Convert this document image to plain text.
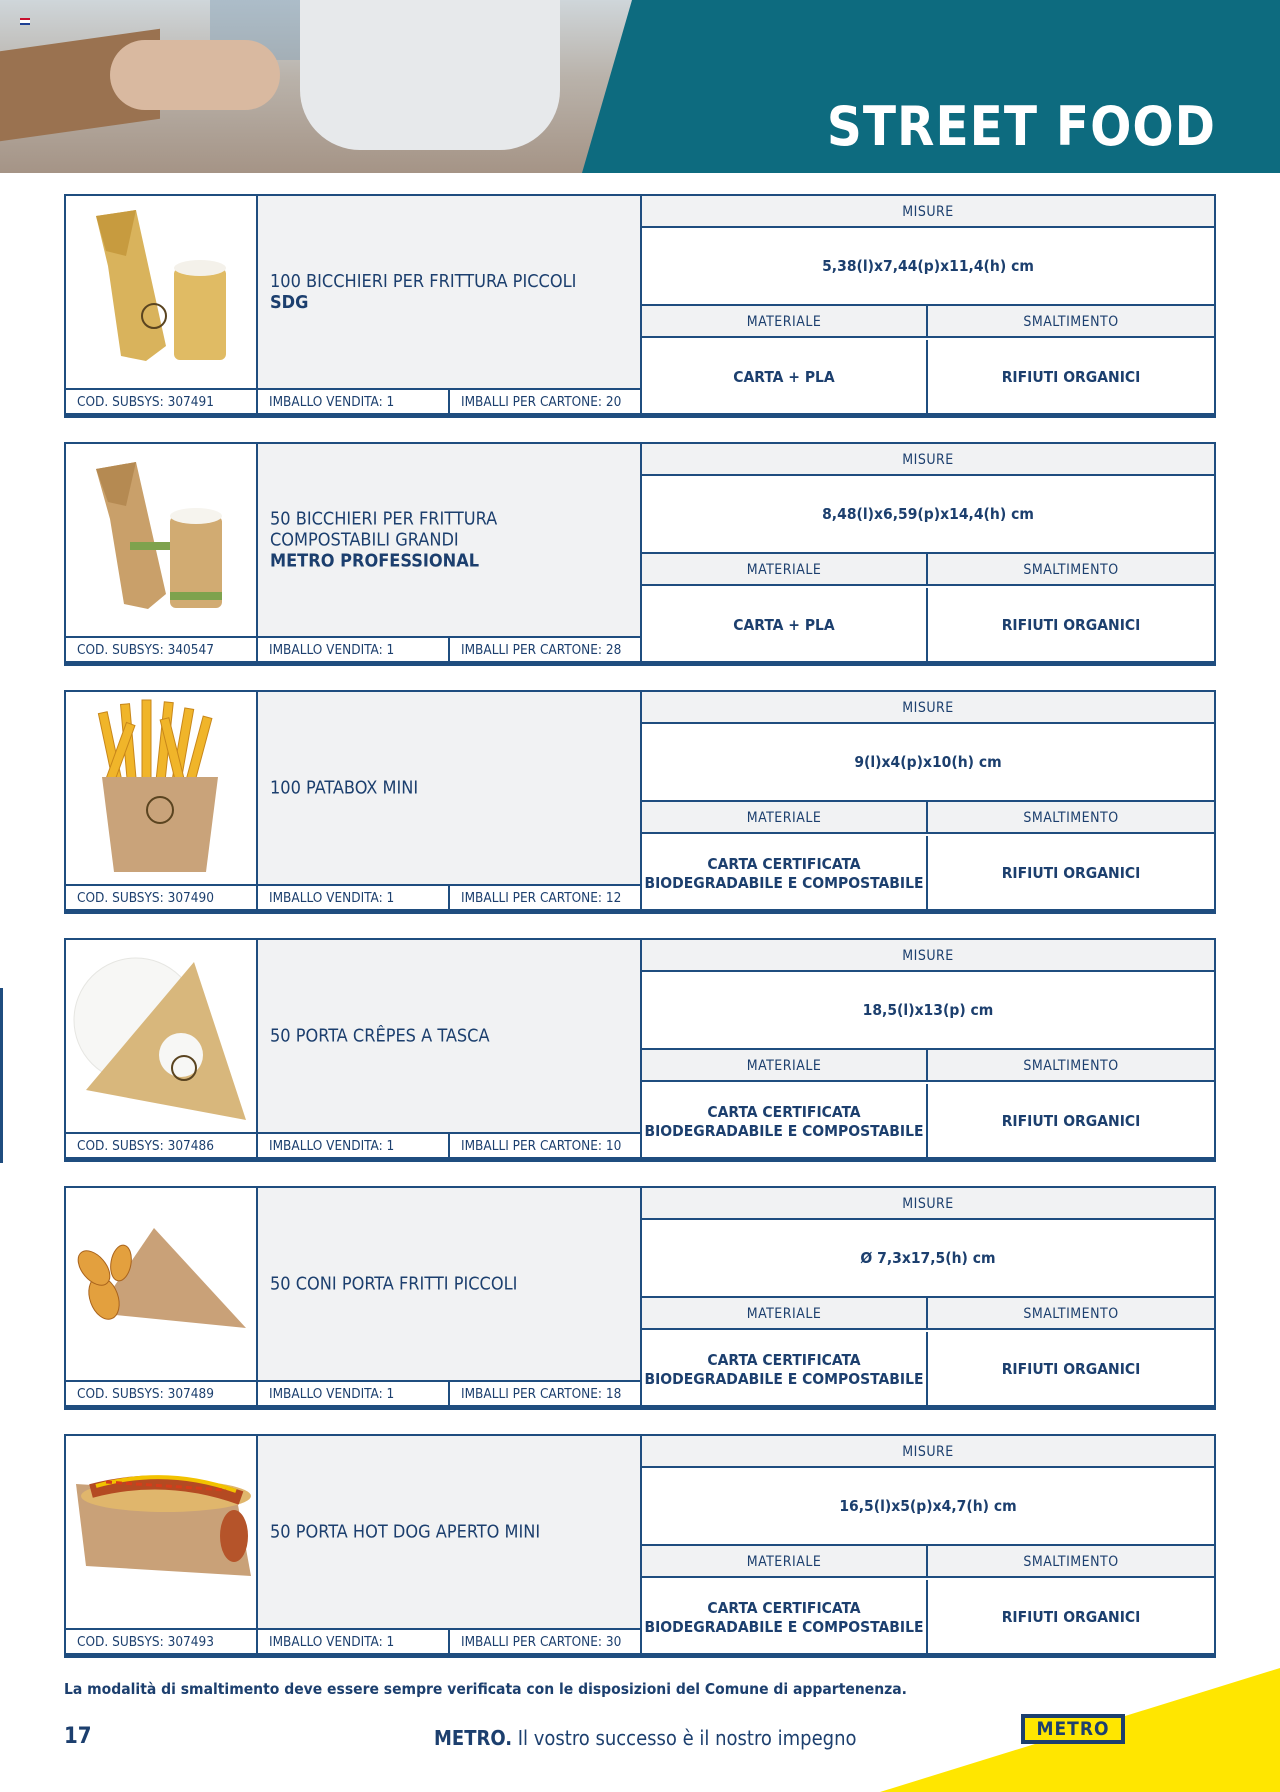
STREET FOOD
100 BICCHIERI PER FRITTURA PICCOLI

SDG
COD. SUBSYS: 307491	IMBALLO VENDITA: 1	IMBALLI PER CARTONE: 20
MISURE
5,38(l)x7,44(p)x11,4(h) cm
MATERIALE	SMALTIMENTO
CARTA + PLA	RIFIUTI ORGANICI
50 BICCHIERI PER FRITTURA

COMPOSTABILI GRANDI
METRO PROFESSIONAL
COD. SUBSYS: 340547	IMBALLO VENDITA: 1	IMBALLI PER CARTONE: 28
MISURE
8,48(l)x6,59(p)x14,4(h) cm
MATERIALE	SMALTIMENTO
CARTA + PLA	RIFIUTI ORGANICI
100 PATABOX MINI
COD. SUBSYS: 307490	IMBALLO VENDITA: 1	IMBALLI PER CARTONE: 12
MISURE
9(l)x4(p)x10(h) cm
MATERIALE	SMALTIMENTO
CARTA CERTIFICATA
BIODEGRADABILE E COMPOSTABILE
RIFIUTI ORGANICI
50 PORTA CRÊPES A TASCA
COD. SUBSYS: 307486	IMBALLO VENDITA: 1	IMBALLI PER CARTONE: 10
MISURE
18,5(l)x13(p) cm
MATERIALE	SMALTIMENTO
CARTA CERTIFICATA
BIODEGRADABILE E COMPOSTABILE
RIFIUTI ORGANICI
50 CONI PORTA FRITTI PICCOLI
COD. SUBSYS: 307489	IMBALLO VENDITA: 1	IMBALLI PER CARTONE: 18
MISURE
Ø 7,3x17,5(h) cm
MATERIALE	SMALTIMENTO
CARTA CERTIFICATA
BIODEGRADABILE E COMPOSTABILE
RIFIUTI ORGANICI
50 PORTA HOT DOG APERTO MINI
COD. SUBSYS: 307493	IMBALLO VENDITA: 1	IMBALLI PER CARTONE: 30
MISURE
16,5(l)x5(p)x4,7(h) cm
MATERIALE	SMALTIMENTO
CARTA CERTIFICATA
BIODEGRADABILE E COMPOSTABILE
RIFIUTI ORGANICI
La modalità di smaltimento deve essere sempre verificata con le disposizioni del Comune di appartenenza.
17	METRO. Il vostro successo è il nostro impegno	METRO
